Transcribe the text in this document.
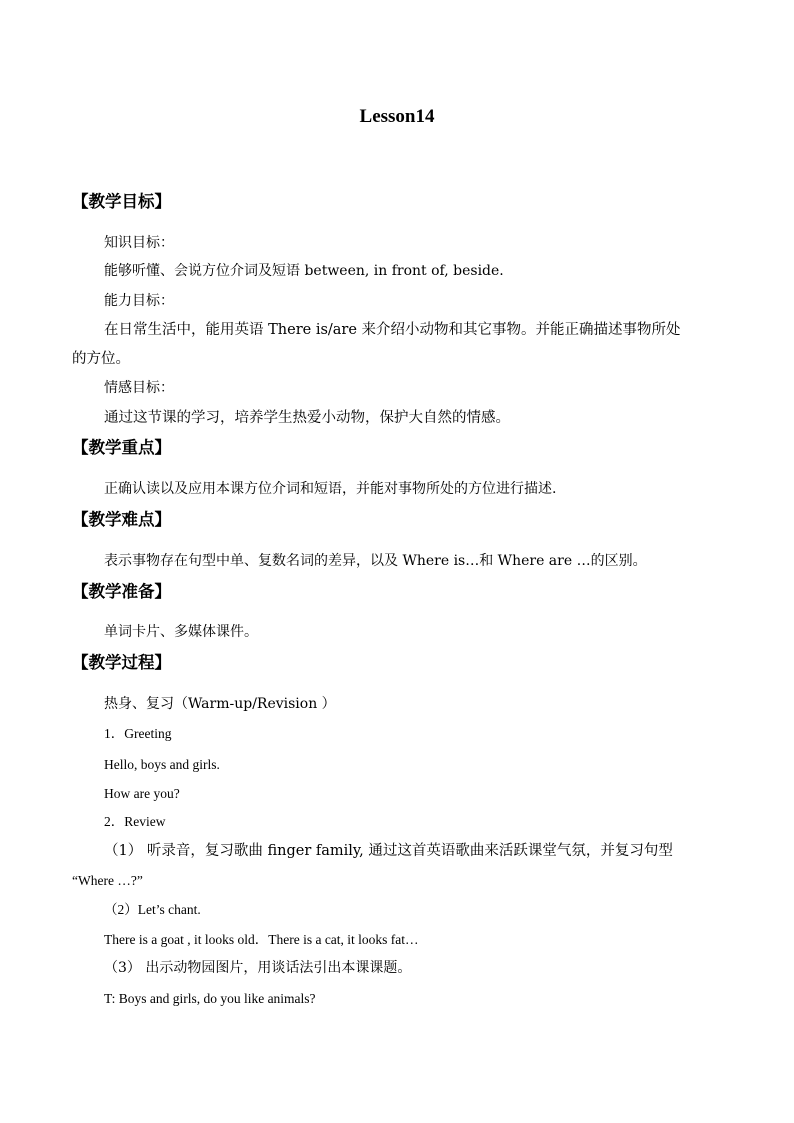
Lesson14
【教学目标】
知识目标：
能够听懂、会说方位介词及短语 between, in front of, beside.
能力目标：
在日常生活中，能用英语 There is/are 来介绍小动物和其它事物。并能正确描述事物所处
的方位。
情感目标：
通过这节课的学习，培养学生热爱小动物，保护大自然的情感。
【教学重点】
正确认读以及应用本课方位介词和短语，并能对事物所处的方位进行描述.
【教学难点】
表示事物存在句型中单、复数名词的差异，以及 Where is…和 Where are …的区别。
【教学准备】
单词卡片、多媒体课件。
【教学过程】
热身、复习（Warm-up/Revision ）
1．Greeting
Hello, boys and girls.
How are you?
2．Review
（1） 听录音，复习歌曲 finger family, 通过这首英语歌曲来活跃课堂气氛，并复习句型
“Where …?”
（2）Let’s chant.
There is a goat , it looks old．There is a cat, it looks fat…
（3） 出示动物园图片，用谈话法引出本课课题。
T: Boys and girls, do you like animals?
